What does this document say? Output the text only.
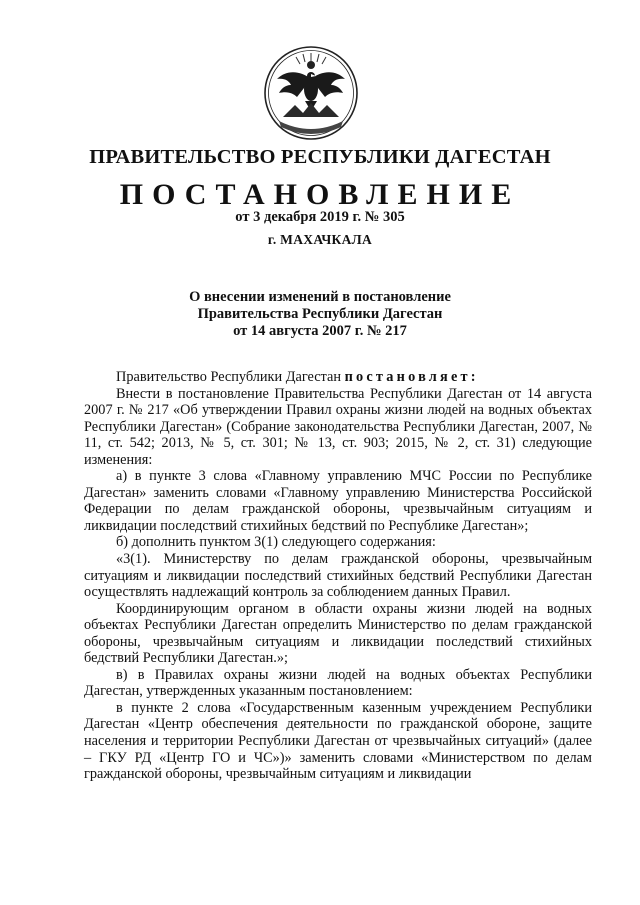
ПРАВИТЕЛЬСТВО РЕСПУБЛИКИ ДАГЕСТАН
ПОСТАНОВЛЕНИЕ
от 3 декабря 2019 г. № 305
г. МАХАЧКАЛА
О внесении изменений в постановление
Правительства Республики Дагестан
от 14 августа 2007 г. № 217

Правительство Республики Дагестан постановляет:

Внести в постановление Правительства Республики Дагестан от 14 августа 2007 г. № 217 «Об утверждении Правил охраны жизни людей на водных объектах Республики Дагестан» (Собрание законодательства Республики Дагестан, 2007, № 11, ст. 542; 2013, № 5, ст. 301; № 13, ст. 903; 2015, № 2, ст. 31) следующие изменения:

а) в пункте 3 слова «Главному управлению МЧС России по Республике Дагестан» заменить словами «Главному управлению Министерства Российской Федерации по делам гражданской обороны, чрезвычайным ситуациям и ликвидации последствий стихийных бедствий по Республике Дагестан»;

б) дополнить пунктом 3(1) следующего содержания:

«3(1). Министерству по делам гражданской обороны, чрезвычайным ситуациям и ликвидации последствий стихийных бедствий Республики Дагестан осуществлять надлежащий контроль за соблюдением данных Правил.

Координирующим органом в области охраны жизни людей на водных объектах Республики Дагестан определить Министерство по делам гражданской обороны, чрезвычайным ситуациям и ликвидации последствий стихийных бедствий Республики Дагестан.»;

в) в Правилах охраны жизни людей на водных объектах Республики Дагестан, утвержденных указанным постановлением:

в пункте 2 слова «Государственным казенным учреждением Республики Дагестан «Центр обеспечения деятельности по гражданской обороне, защите населения и территории Республики Дагестан от чрезвычайных ситуаций» (далее – ГКУ РД «Центр ГО и ЧС»)» заменить словами «Министерством по делам гражданской обороны, чрезвычайным ситуациям и ликвидации
